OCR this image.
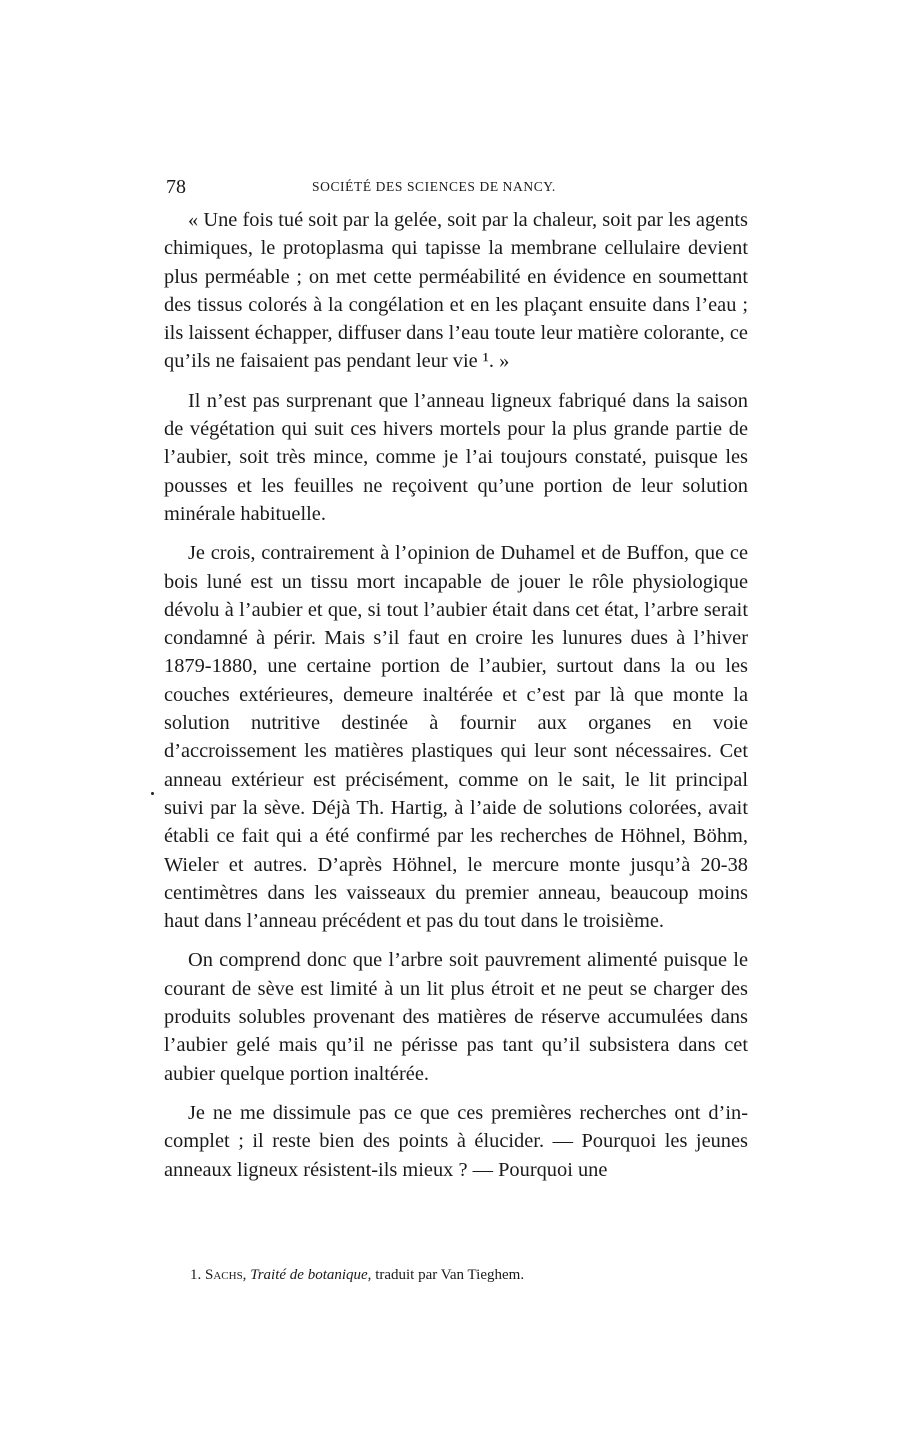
78	SOCIÉTÉ DES SCIENCES DE NANCY.

« Une fois tué soit par la gelée, soit par la chaleur, soit par les agents chimiques, le protoplasma qui tapisse la membrane cellulaire devient plus perméable ; on met cette perméabilité en évidence en soumettant des tissus colorés à la congélation et en les plaçant ensuite dans l’eau ; ils laissent échapper, diffuser dans l’eau toute leur matière colorante, ce qu’ils ne faisaient pas pendant leur vie ¹. »

Il n’est pas surprenant que l’anneau ligneux fabriqué dans la saison de végétation qui suit ces hivers mortels pour la plus grande partie de l’aubier, soit très mince, comme je l’ai toujours constaté, puisque les pousses et les feuilles ne reçoivent qu’une portion de leur solution minérale habituelle.

Je crois, contrairement à l’opinion de Duhamel et de Buffon, que ce bois luné est un tissu mort incapable de jouer le rôle physiologique dévolu à l’aubier et que, si tout l’aubier était dans cet état, l’arbre serait condamné à périr. Mais s’il faut en croire les lunures dues à l’hiver 1879-1880, une certaine portion de l’aubier, surtout dans la ou les couches extérieures, demeure inaltérée et c’est par là que monte la solution nutritive destinée à fournir aux organes en voie d’accroissement les matières plastiques qui leur sont nécessaires. Cet anneau extérieur est précisément, comme on le sait, le lit principal suivi par la sève. Déjà Th. Hartig, à l’aide de solutions colorées, avait établi ce fait qui a été confirmé par les recherches de Höhnel, Böhm, Wieler et autres. D’après Höhnel, le mercure monte jusqu’à 20-38 centimètres dans les vaisseaux du premier anneau, beaucoup moins haut dans l’anneau précédent et pas du tout dans le troisième.

On comprend donc que l’arbre soit pauvrement alimenté puisque le courant de sève est limité à un lit plus étroit et ne peut se charger des produits solubles provenant des matières de réserve accumulées dans l’aubier gelé mais qu’il ne périsse pas tant qu’il subsistera dans cet aubier quelque portion inaltérée.

Je ne me dissimule pas ce que ces premières recherches ont d’incomplet ; il reste bien des points à élucider. — Pourquoi les jeunes anneaux ligneux résistent-ils mieux ? — Pourquoi une

1. Sachs, Traité de botanique, traduit par Van Tieghem.
